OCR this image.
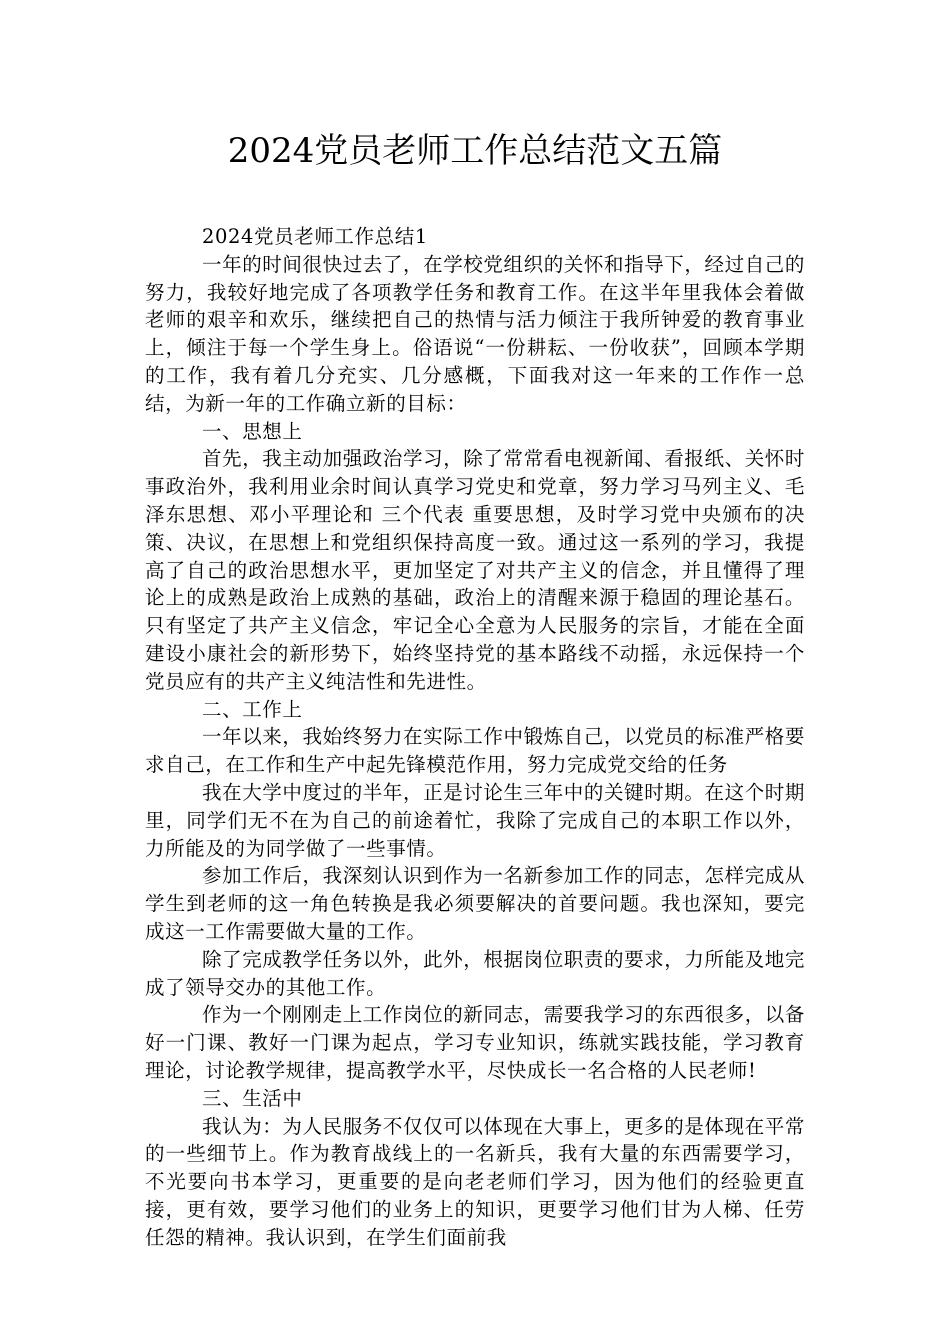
2024党员老师工作总结范文五篇

2024党员老师工作总结1

一年的时间很快过去了，在学校党组织的关怀和指导下，经过自己的努力，我较好地完成了各项教学任务和教育工作。在这半年里我体会着做老师的艰辛和欢乐，继续把自己的热情与活力倾注于我所钟爱的教育事业上，倾注于每一个学生身上。俗语说“一份耕耘、一份收获”，回顾本学期的工作，我有着几分充实、几分感概，下面我对这一年来的工作作一总结，为新一年的工作确立新的目标：

一、思想上

首先，我主动加强政治学习，除了常常看电视新闻、看报纸、关怀时事政治外，我利用业余时间认真学习党史和党章，努力学习马列主义、毛泽东思想、邓小平理论和 三个代表 重要思想，及时学习党中央颁布的决策、决议，在思想上和党组织保持高度一致。通过这一系列的学习，我提高了自己的政治思想水平，更加坚定了对共产主义的信念，并且懂得了理论上的成熟是政治上成熟的基础，政治上的清醒来源于稳固的理论基石。只有坚定了共产主义信念，牢记全心全意为人民服务的宗旨，才能在全面建设小康社会的新形势下，始终坚持党的基本路线不动摇，永远保持一个党员应有的共产主义纯洁性和先进性。

二、工作上

一年以来，我始终努力在实际工作中锻炼自己，以党员的标准严格要求自己，在工作和生产中起先锋模范作用，努力完成党交给的任务

我在大学中度过的半年，正是讨论生三年中的关键时期。在这个时期里，同学们无不在为自己的前途着忙，我除了完成自己的本职工作以外，力所能及的为同学做了一些事情。

参加工作后，我深刻认识到作为一名新参加工作的同志，怎样完成从学生到老师的这一角色转换是我必须要解决的首要问题。我也深知，要完成这一工作需要做大量的工作。

除了完成教学任务以外，此外，根据岗位职责的要求，力所能及地完成了领导交办的其他工作。

作为一个刚刚走上工作岗位的新同志，需要我学习的东西很多，以备好一门课、教好一门课为起点，学习专业知识，练就实践技能，学习教育理论，讨论教学规律，提高教学水平，尽快成长一名合格的人民老师!

三、生活中

我认为：为人民服务不仅仅可以体现在大事上，更多的是体现在平常的一些细节上。作为教育战线上的一名新兵，我有大量的东西需要学习，不光要向书本学习，更重要的是向老老师们学习，因为他们的经验更直接，更有效，要学习他们的业务上的知识，更要学习他们甘为人梯、任劳任怨的精神。我认识到，在学生们面前我
